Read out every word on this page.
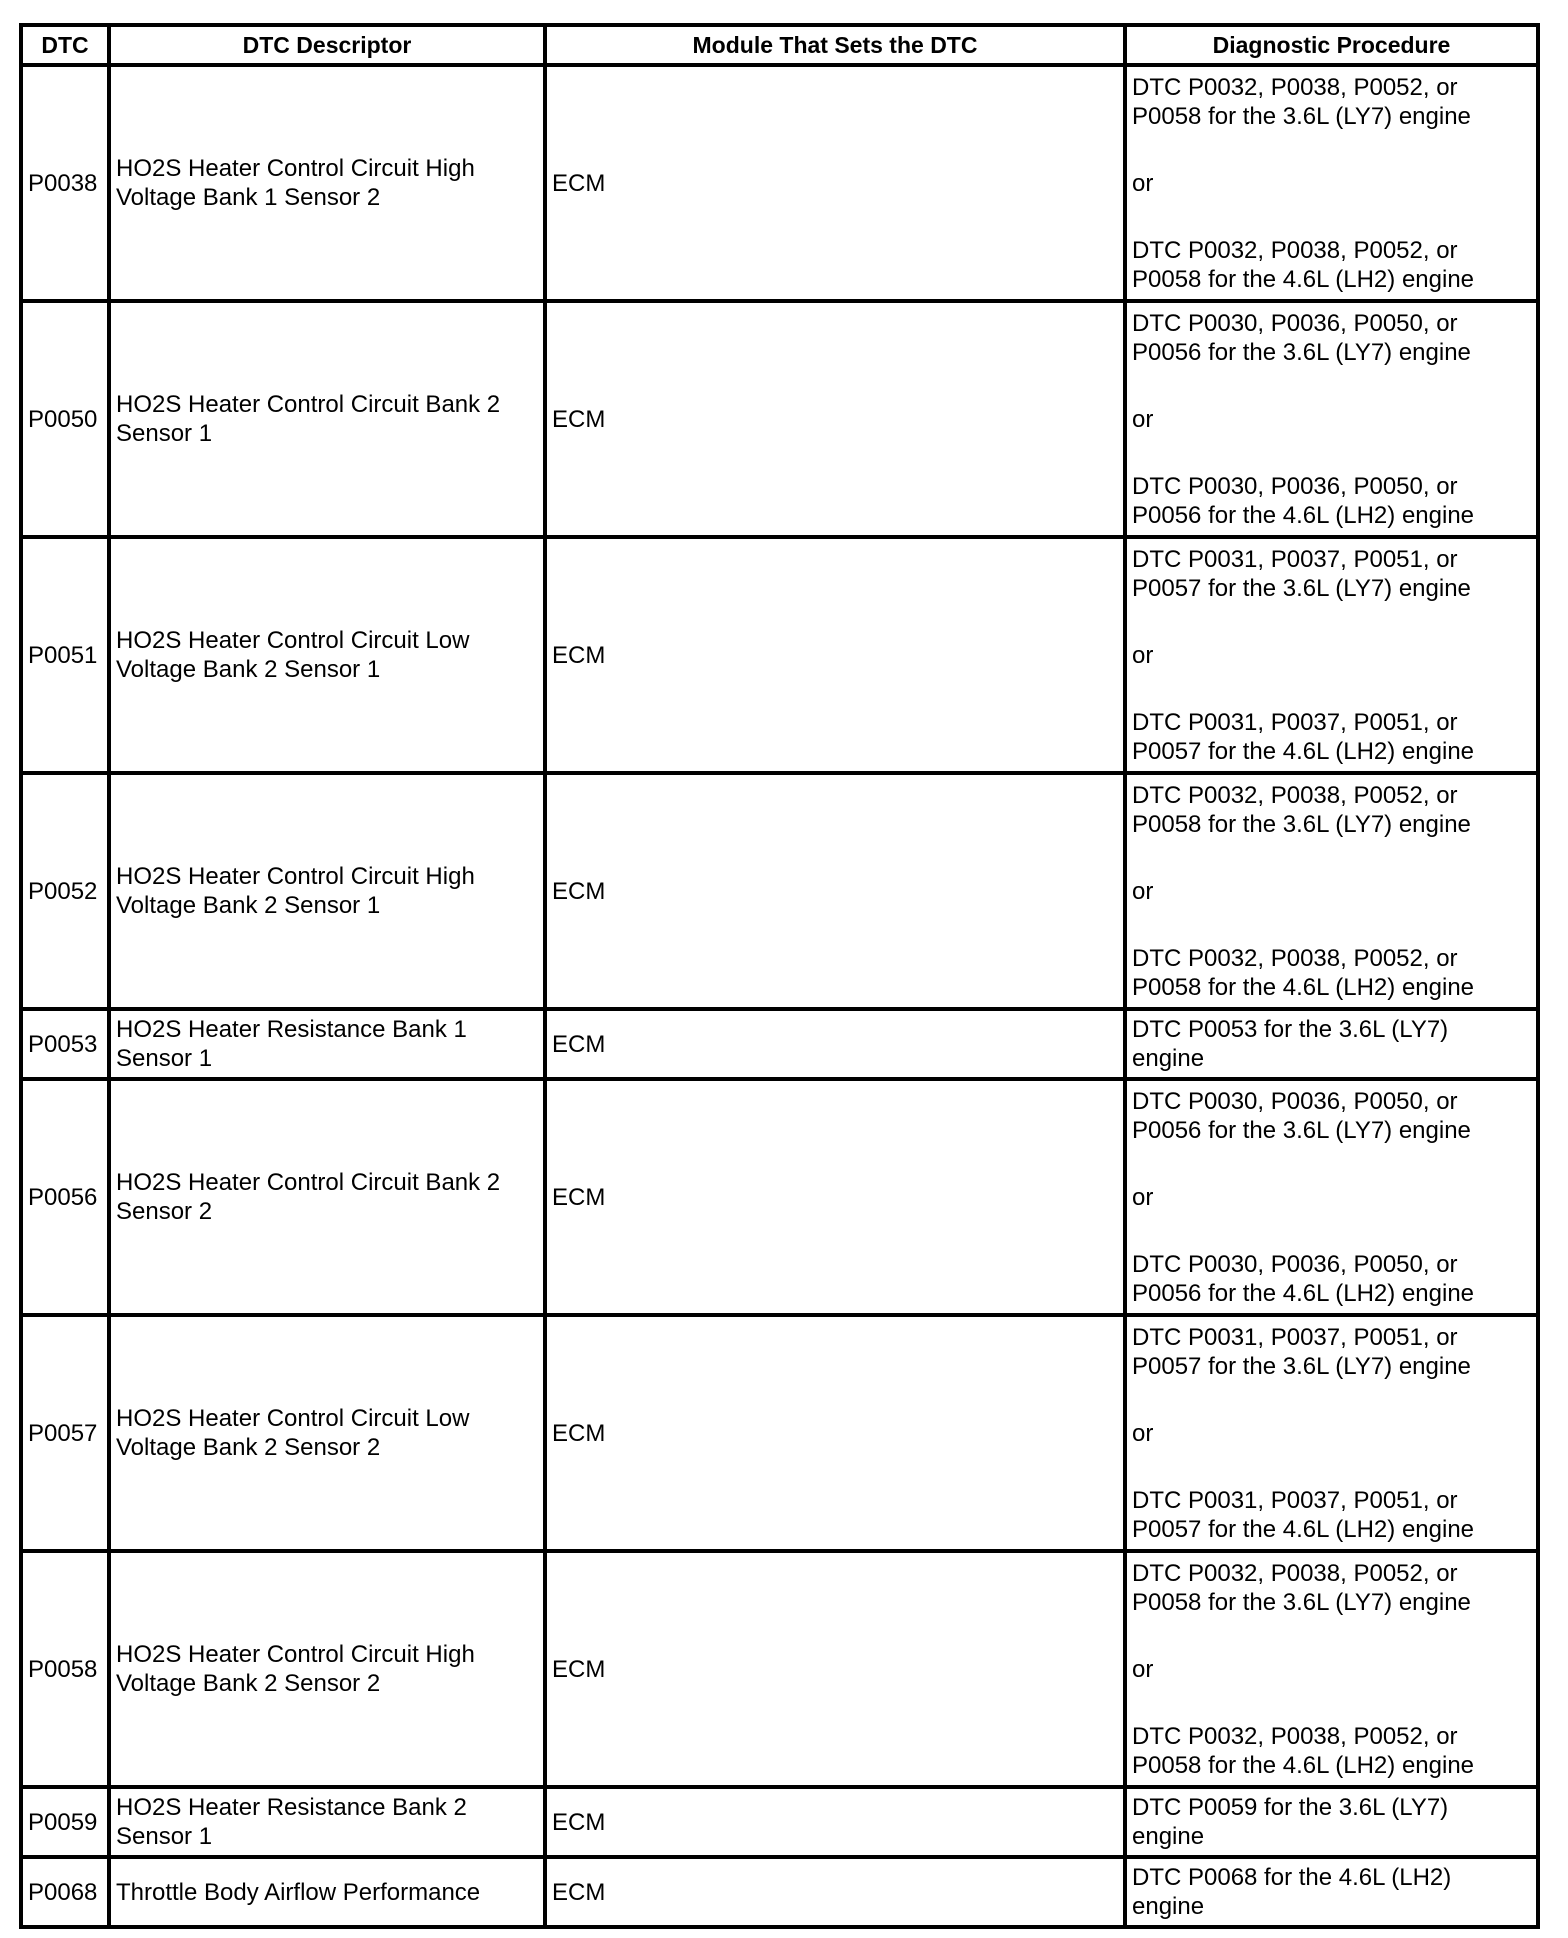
DTC	DTC Descriptor	Module That Sets the DTC	Diagnostic Procedure
P0038	HO2S Heater Control Circuit High
Voltage Bank 1 Sensor 2	ECM	DTC P0032, P0038, P0052, or
P0058 for the 3.6L (LY7) engine
or
DTC P0032, P0038, P0052, or
P0058 for the 4.6L (LH2) engine

P0050	HO2S Heater Control Circuit Bank 2
Sensor 1	ECM	DTC P0030, P0036, P0050, or
P0056 for the 3.6L (LY7) engine
or
DTC P0030, P0036, P0050, or
P0056 for the 4.6L (LH2) engine

P0051	HO2S Heater Control Circuit Low
Voltage Bank 2 Sensor 1	ECM	DTC P0031, P0037, P0051, or
P0057 for the 3.6L (LY7) engine
or
DTC P0031, P0037, P0051, or
P0057 for the 4.6L (LH2) engine

P0052	HO2S Heater Control Circuit High
Voltage Bank 2 Sensor 1	ECM	DTC P0032, P0038, P0052, or
P0058 for the 3.6L (LY7) engine
or
DTC P0032, P0038, P0052, or
P0058 for the 4.6L (LH2) engine

P0053	HO2S Heater Resistance Bank 1
Sensor 1	ECM	DTC P0053 for the 3.6L (LY7)
engine

P0056	HO2S Heater Control Circuit Bank 2
Sensor 2	ECM	DTC P0030, P0036, P0050, or
P0056 for the 3.6L (LY7) engine
or
DTC P0030, P0036, P0050, or
P0056 for the 4.6L (LH2) engine

P0057	HO2S Heater Control Circuit Low
Voltage Bank 2 Sensor 2	ECM	DTC P0031, P0037, P0051, or
P0057 for the 3.6L (LY7) engine
or
DTC P0031, P0037, P0051, or
P0057 for the 4.6L (LH2) engine

P0058	HO2S Heater Control Circuit High
Voltage Bank 2 Sensor 2	ECM	DTC P0032, P0038, P0052, or
P0058 for the 3.6L (LY7) engine
or
DTC P0032, P0038, P0052, or
P0058 for the 4.6L (LH2) engine

P0059	HO2S Heater Resistance Bank 2
Sensor 1	ECM	DTC P0059 for the 3.6L (LY7)
engine

P0068	Throttle Body Airflow Performance	ECM	DTC P0068 for the 4.6L (LH2)
engine
